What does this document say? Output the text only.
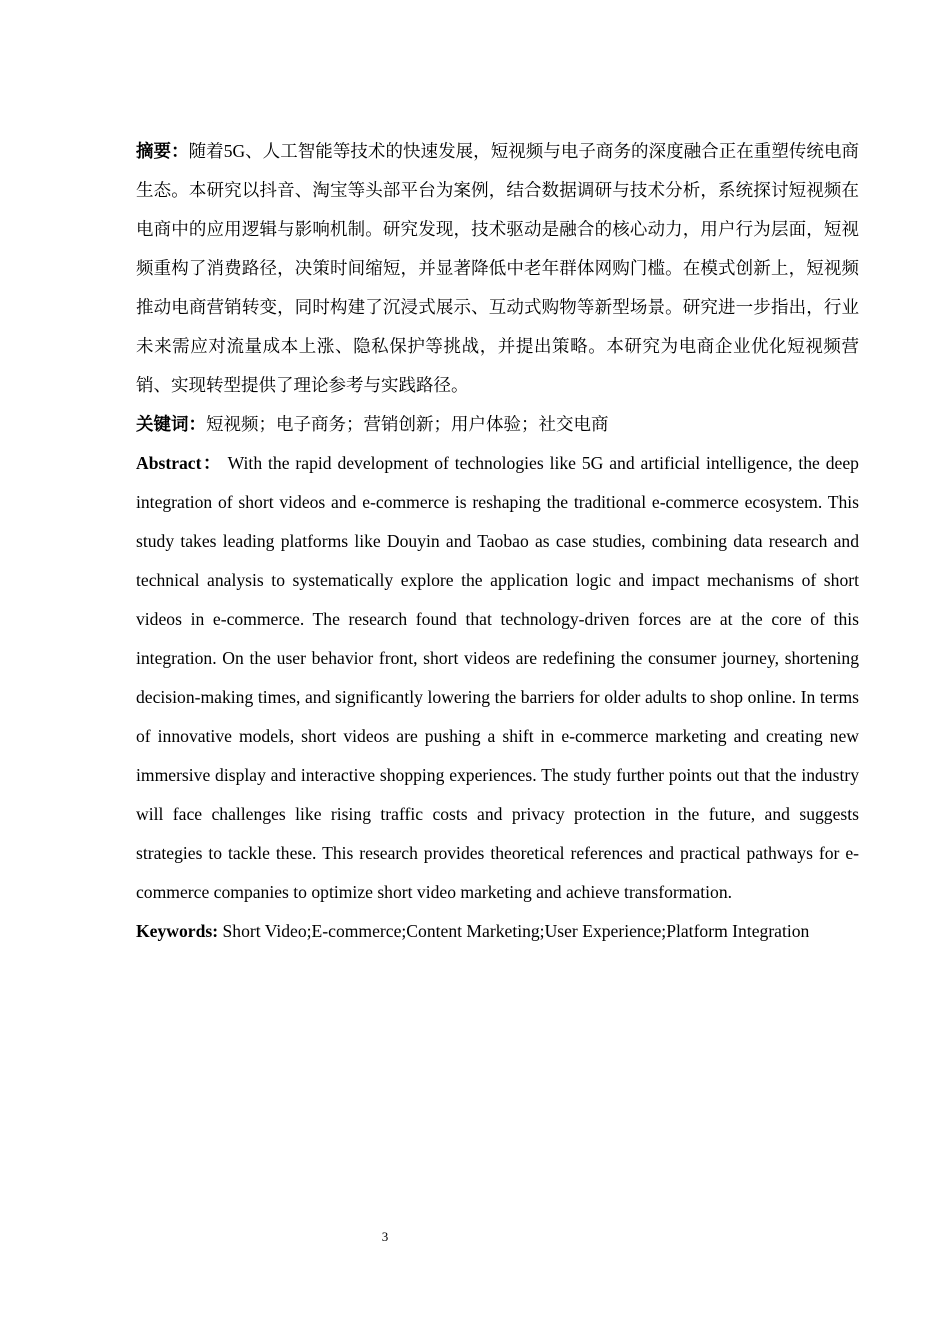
摘要：随着5G、人工智能等技术的快速发展，短视频与电子商务的深度融合正在重塑传统电商生态。本研究以抖音、淘宝等头部平台为案例，结合数据调研与技术分析，系统探讨短视频在电商中的应用逻辑与影响机制。研究发现，技术驱动是融合的核心动力，用户行为层面，短视频重构了消费路径，决策时间缩短，并显著降低中老年群体网购门槛。在模式创新上，短视频推动电商营销转变，同时构建了沉浸式展示、互动式购物等新型场景。研究进一步指出，行业未来需应对流量成本上涨、隐私保护等挑战，并提出策略。本研究为电商企业优化短视频营销、实现转型提供了理论参考与实践路径。

关键词：短视频；电子商务；营销创新；用户体验；社交电商

Abstract： With the rapid development of technologies like 5G and artificial intelligence, the deep integration of short videos and e-commerce is reshaping the traditional e-commerce ecosystem. This study takes leading platforms like Douyin and Taobao as case studies, combining data research and technical analysis to systematically explore the application logic and impact mechanisms of short videos in e-commerce. The research found that technology-driven forces are at the core of this integration. On the user behavior front, short videos are redefining the consumer journey, shortening decision-making times, and significantly lowering the barriers for older adults to shop online. In terms of innovative models, short videos are pushing a shift in e-commerce marketing and creating new immersive display and interactive shopping experiences. The study further points out that the industry will face challenges like rising traffic costs and privacy protection in the future, and suggests strategies to tackle these. This research provides theoretical references and practical pathways for e-commerce companies to optimize short video marketing and achieve transformation.

Keywords: Short Video;E-commerce;Content Marketing;User Experience;Platform Integration

3
